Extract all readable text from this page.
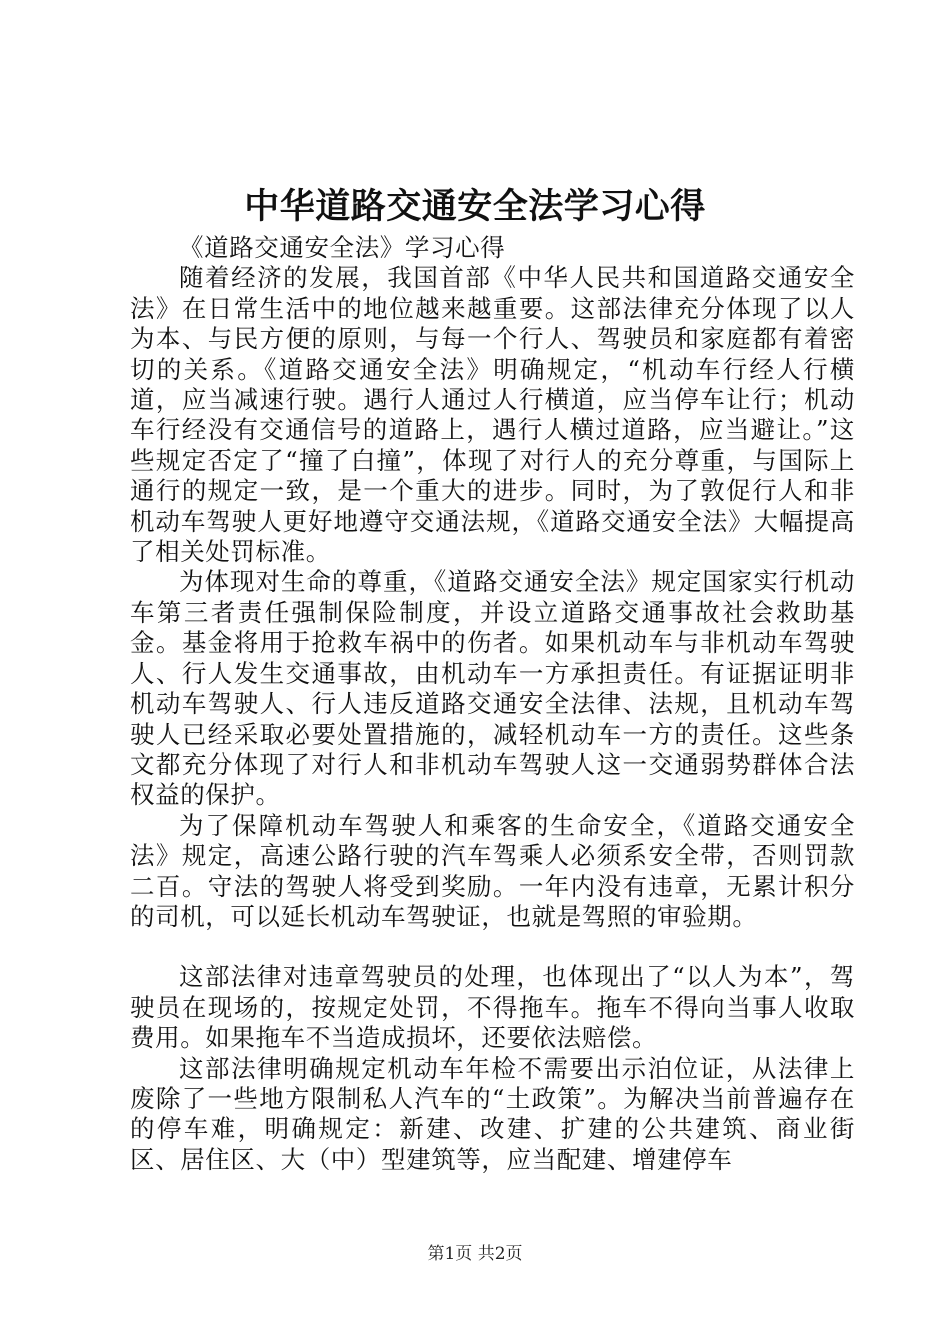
中华道路交通安全法学习心得

《道路交通安全法》学习心得

随着经济的发展，我国首部《中华人民共和国道路交通安全法》在日常生活中的地位越来越重要。这部法律充分体现了以人为本、与民方便的原则，与每一个行人、驾驶员和家庭都有着密切的关系。《道路交通安全法》明确规定，“机动车行经人行横道，应当减速行驶。遇行人通过人行横道，应当停车让行；机动车行经没有交通信号的道路上，遇行人横过道路，应当避让。”这些规定否定了“撞了白撞”，体现了对行人的充分尊重，与国际上通行的规定一致，是一个重大的进步。同时，为了敦促行人和非机动车驾驶人更好地遵守交通法规，《道路交通安全法》大幅提高了相关处罚标准。

为体现对生命的尊重，《道路交通安全法》规定国家实行机动车第三者责任强制保险制度，并设立道路交通事故社会救助基金。基金将用于抢救车祸中的伤者。如果机动车与非机动车驾驶人、行人发生交通事故，由机动车一方承担责任。有证据证明非机动车驾驶人、行人违反道路交通安全法律、法规，且机动车驾驶人已经采取必要处置措施的，减轻机动车一方的责任。这些条文都充分体现了对行人和非机动车驾驶人这一交通弱势群体合法权益的保护。

为了保障机动车驾驶人和乘客的生命安全，《道路交通安全法》规定，高速公路行驶的汽车驾乘人必须系安全带，否则罚款二百。守法的驾驶人将受到奖励。一年内没有违章，无累计积分的司机，可以延长机动车驾驶证，也就是驾照的审验期。

这部法律对违章驾驶员的处理，也体现出了“以人为本”，驾驶员在现场的，按规定处罚，不得拖车。拖车不得向当事人收取费用。如果拖车不当造成损坏，还要依法赔偿。

这部法律明确规定机动车年检不需要出示泊位证，从法律上废除了一些地方限制私人汽车的“土政策”。为解决当前普遍存在的停车难，明确规定：新建、改建、扩建的公共建筑、商业街区、居住区、大（中）型建筑等，应当配建、增建停车

第1页 共2页
